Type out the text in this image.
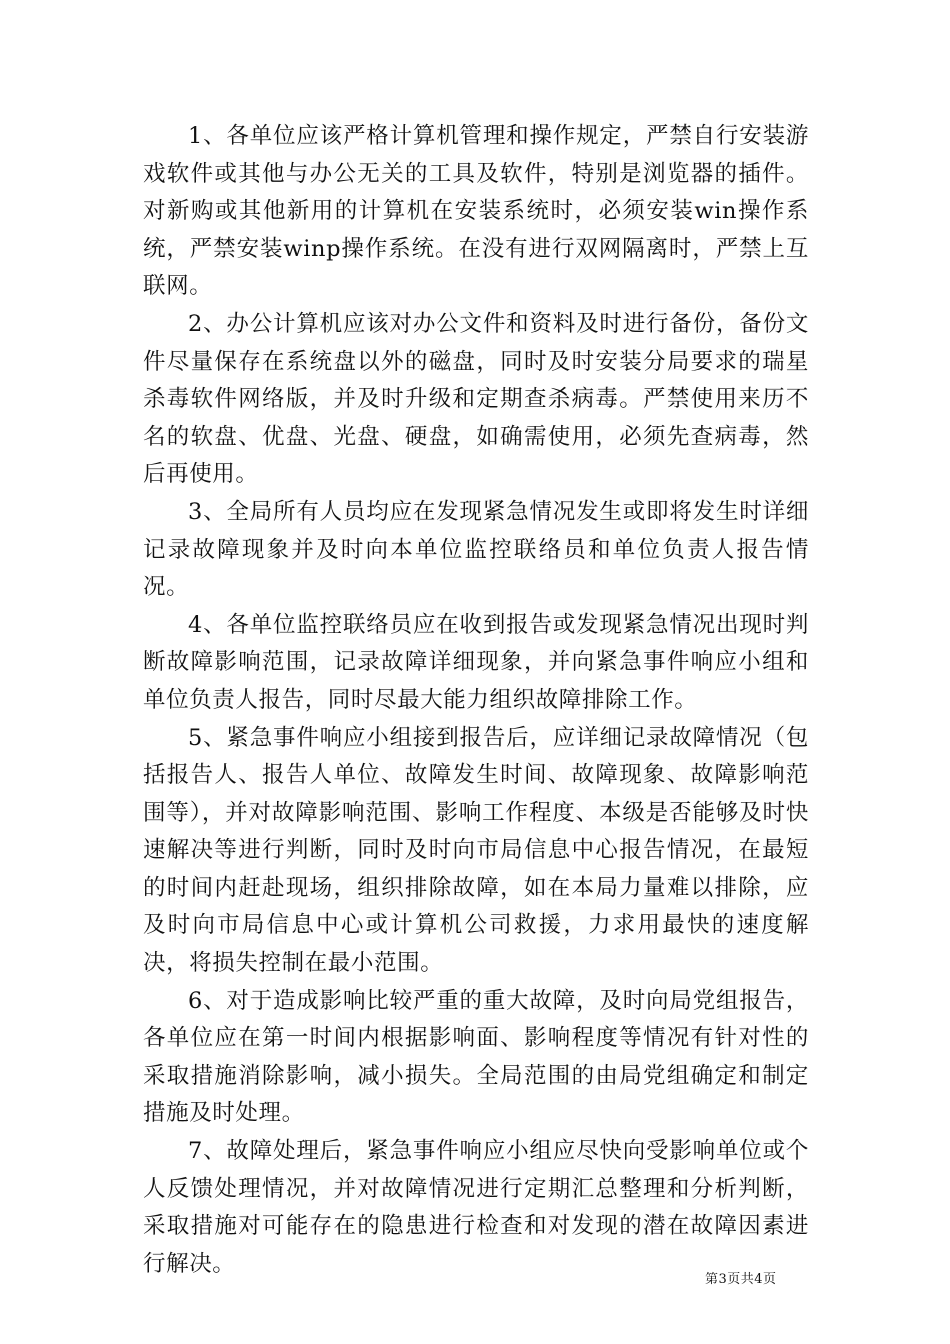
1、各单位应该严格计算机管理和操作规定，严禁自行安装游戏软件或其他与办公无关的工具及软件，特别是浏览器的插件。对新购或其他新用的计算机在安装系统时，必须安装win操作系统，严禁安装winp操作系统。在没有进行双网隔离时，严禁上互联网。

2、办公计算机应该对办公文件和资料及时进行备份，备份文件尽量保存在系统盘以外的磁盘，同时及时安装分局要求的瑞星杀毒软件网络版，并及时升级和定期查杀病毒。严禁使用来历不名的软盘、优盘、光盘、硬盘，如确需使用，必须先查病毒，然后再使用。

3、全局所有人员均应在发现紧急情况发生或即将发生时详细记录故障现象并及时向本单位监控联络员和单位负责人报告情况。

4、各单位监控联络员应在收到报告或发现紧急情况出现时判断故障影响范围，记录故障详细现象，并向紧急事件响应小组和单位负责人报告，同时尽最大能力组织故障排除工作。

5、紧急事件响应小组接到报告后，应详细记录故障情况（包括报告人、报告人单位、故障发生时间、故障现象、故障影响范围等），并对故障影响范围、影响工作程度、本级是否能够及时快速解决等进行判断，同时及时向市局信息中心报告情况，在最短的时间内赶赴现场，组织排除故障，如在本局力量难以排除，应及时向市局信息中心或计算机公司救援，力求用最快的速度解决，将损失控制在最小范围。

6、对于造成影响比较严重的重大故障，及时向局党组报告，各单位应在第一时间内根据影响面、影响程度等情况有针对性的采取措施消除影响，减小损失。全局范围的由局党组确定和制定措施及时处理。

7、故障处理后，紧急事件响应小组应尽快向受影响单位或个人反馈处理情况，并对故障情况进行定期汇总整理和分析判断，采取措施对可能存在的隐患进行检查和对发现的潜在故障因素进行解决。

第3页共4页
